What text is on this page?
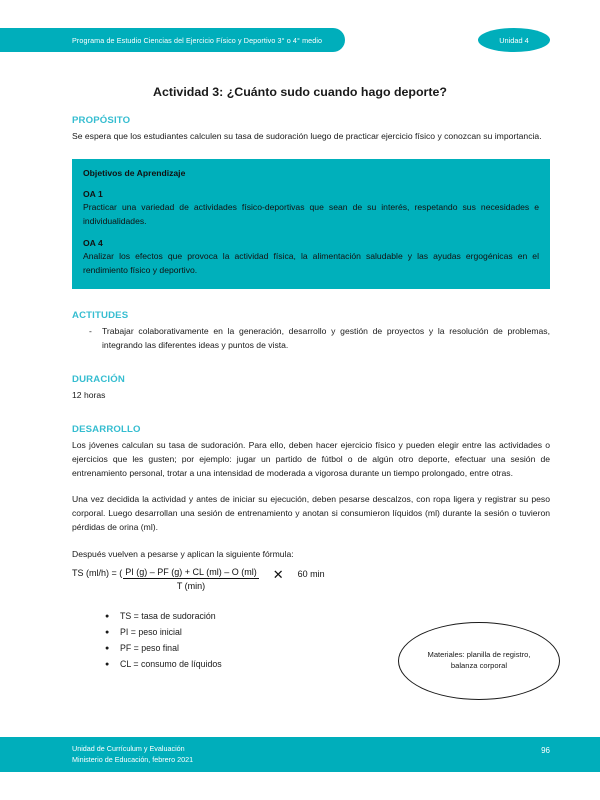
Programa de Estudio Ciencias del Ejercicio Físico y Deportivo 3° o 4° medio	Unidad 4
Actividad 3: ¿Cuánto sudo cuando hago deporte?
PROPÓSITO
Se espera que los estudiantes calculen su tasa de sudoración luego de practicar ejercicio físico y conozcan su importancia.
Objetivos de Aprendizaje
OA 1
Practicar una variedad de actividades físico-deportivas que sean de su interés, respetando sus necesidades e individualidades.
OA 4
Analizar los efectos que provoca la actividad física, la alimentación saludable y las ayudas ergogénicas en el rendimiento físico y deportivo.
ACTITUDES
-	Trabajar colaborativamente en la generación, desarrollo y gestión de proyectos y la resolución de problemas, integrando las diferentes ideas y puntos de vista.
DURACIÓN
12 horas
DESARROLLO
Los jóvenes calculan su tasa de sudoración. Para ello, deben hacer ejercicio físico y pueden elegir entre las actividades o ejercicios que les gusten; por ejemplo: jugar un partido de fútbol o de algún otro deporte, efectuar una sesión de entrenamiento personal, trotar a una intensidad de moderada a vigorosa durante un tiempo prolongado, entre otras.
Una vez decidida la actividad y antes de iniciar su ejecución, deben pesarse descalzos, con ropa ligera y registrar su peso corporal. Luego desarrollan una sesión de entrenamiento y anotan si consumieron líquidos (ml) durante la sesión o tuvieron pérdidas de orina (ml).
Después vuelven a pesarse y aplican la siguiente fórmula:
TS (ml/h) = ( $\frac{PI (g) - PF (g) + CL (ml) - O (ml)}{T (\min)}$ ✕ 60 min
●	TS = tasa de sudoración
●	PI = peso inicial
●	PF = peso final
●	CL = consumo de líquidos
Materiales: planilla de registro, balanza corporal
Unidad de Currículum y Evaluación
Ministerio de Educación, febrero 2021
96
